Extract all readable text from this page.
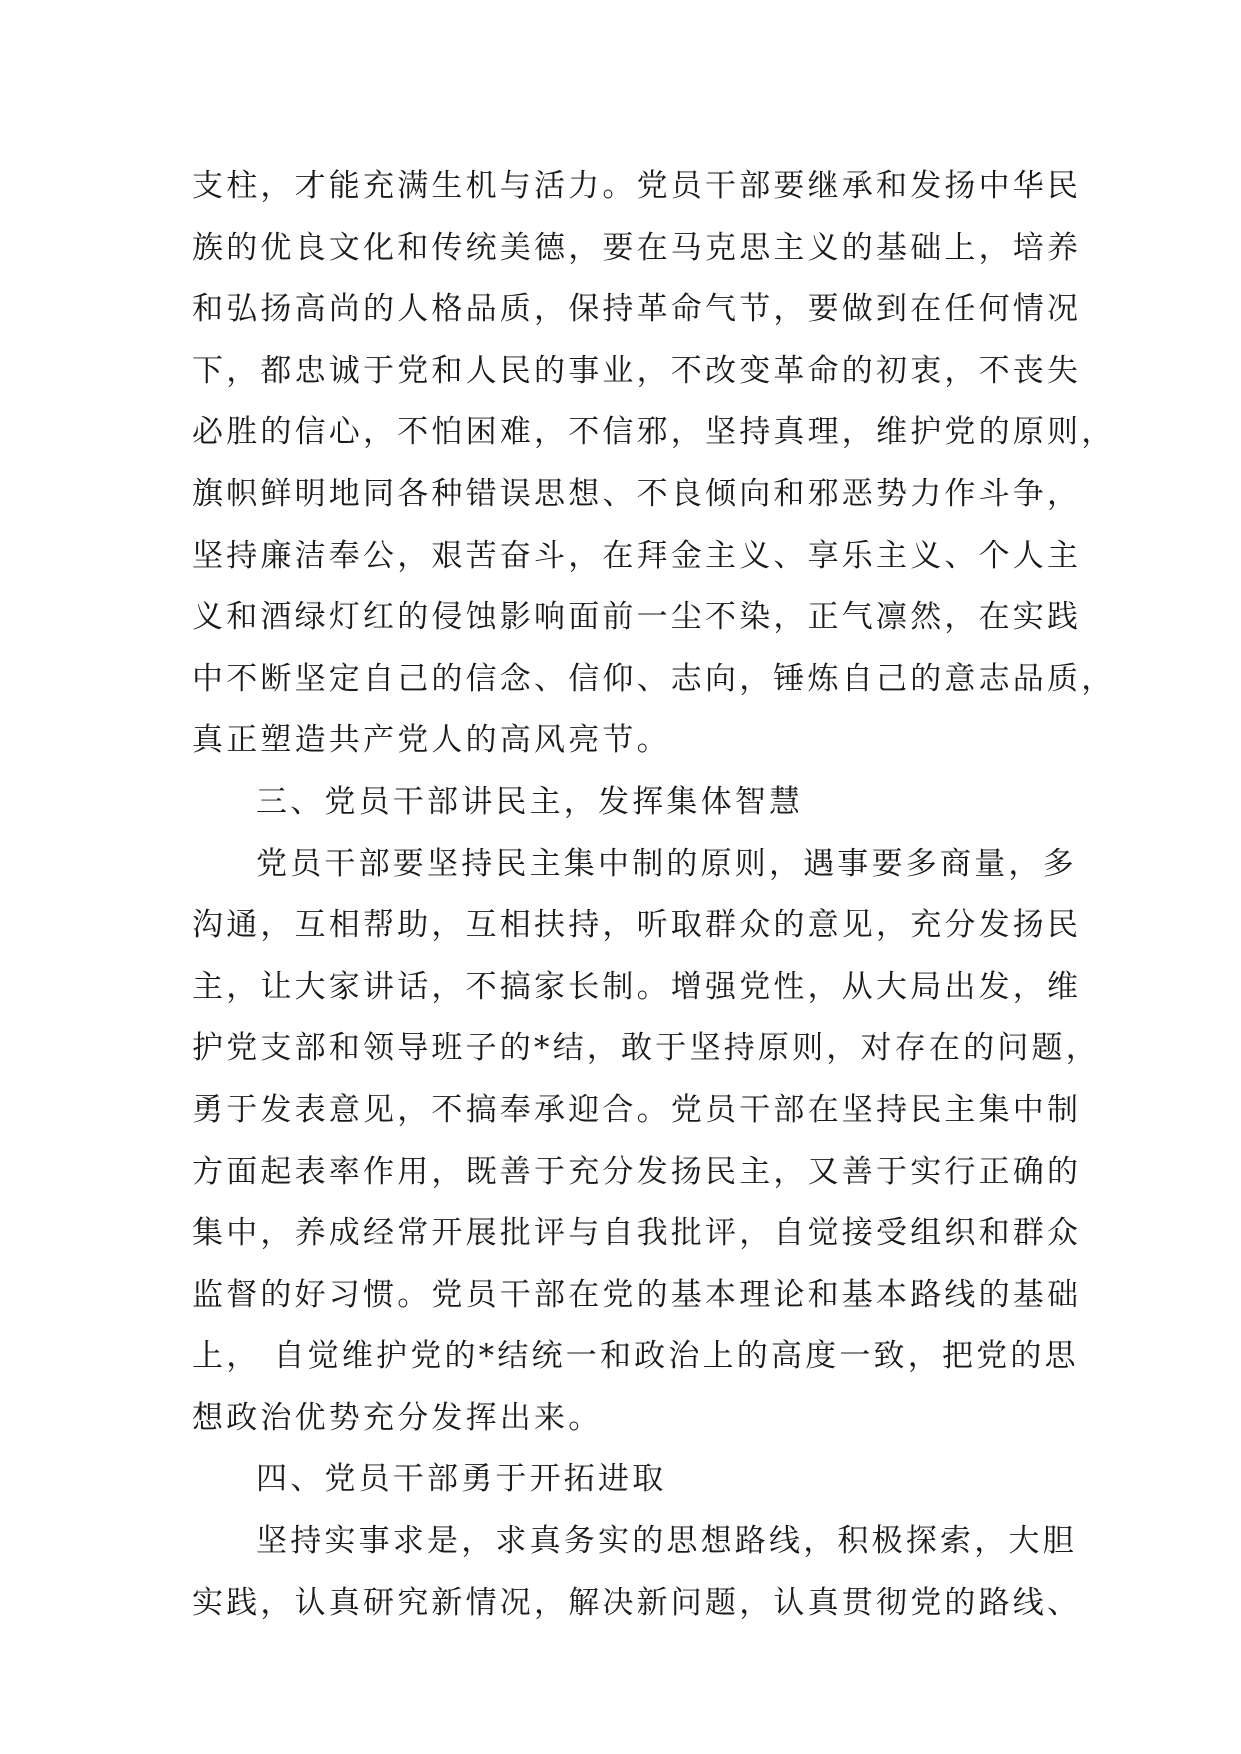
支柱，才能充满生机与活力。党员干部要继承和发扬中华民
族的优良文化和传统美德，要在马克思主义的基础上，培养
和弘扬高尚的人格品质，保持革命气节，要做到在任何情况
下，都忠诚于党和人民的事业，不改变革命的初衷，不丧失
必胜的信心，不怕困难，不信邪，坚持真理，维护党的原则，
旗帜鲜明地同各种错误思想、不良倾向和邪恶势力作斗争，
坚持廉洁奉公，艰苦奋斗，在拜金主义、享乐主义、个人主
义和酒绿灯红的侵蚀影响面前一尘不染，正气凛然，在实践
中不断坚定自己的信念、信仰、志向，锤炼自己的意志品质，
真正塑造共产党人的高风亮节。
三、党员干部讲民主，发挥集体智慧
党员干部要坚持民主集中制的原则，遇事要多商量，多
沟通，互相帮助，互相扶持，听取群众的意见，充分发扬民
主，让大家讲话，不搞家长制。增强党性，从大局出发，维
护党支部和领导班子的*结，敢于坚持原则，对存在的问题，
勇于发表意见，不搞奉承迎合。党员干部在坚持民主集中制
方面起表率作用，既善于充分发扬民主，又善于实行正确的
集中，养成经常开展批评与自我批评，自觉接受组织和群众
监督的好习惯。党员干部在党的基本理论和基本路线的基础
上， 自觉维护党的*结统一和政治上的高度一致，把党的思
想政治优势充分发挥出来。
四、党员干部勇于开拓进取
坚持实事求是，求真务实的思想路线，积极探索，大胆
实践，认真研究新情况，解决新问题，认真贯彻党的路线、
